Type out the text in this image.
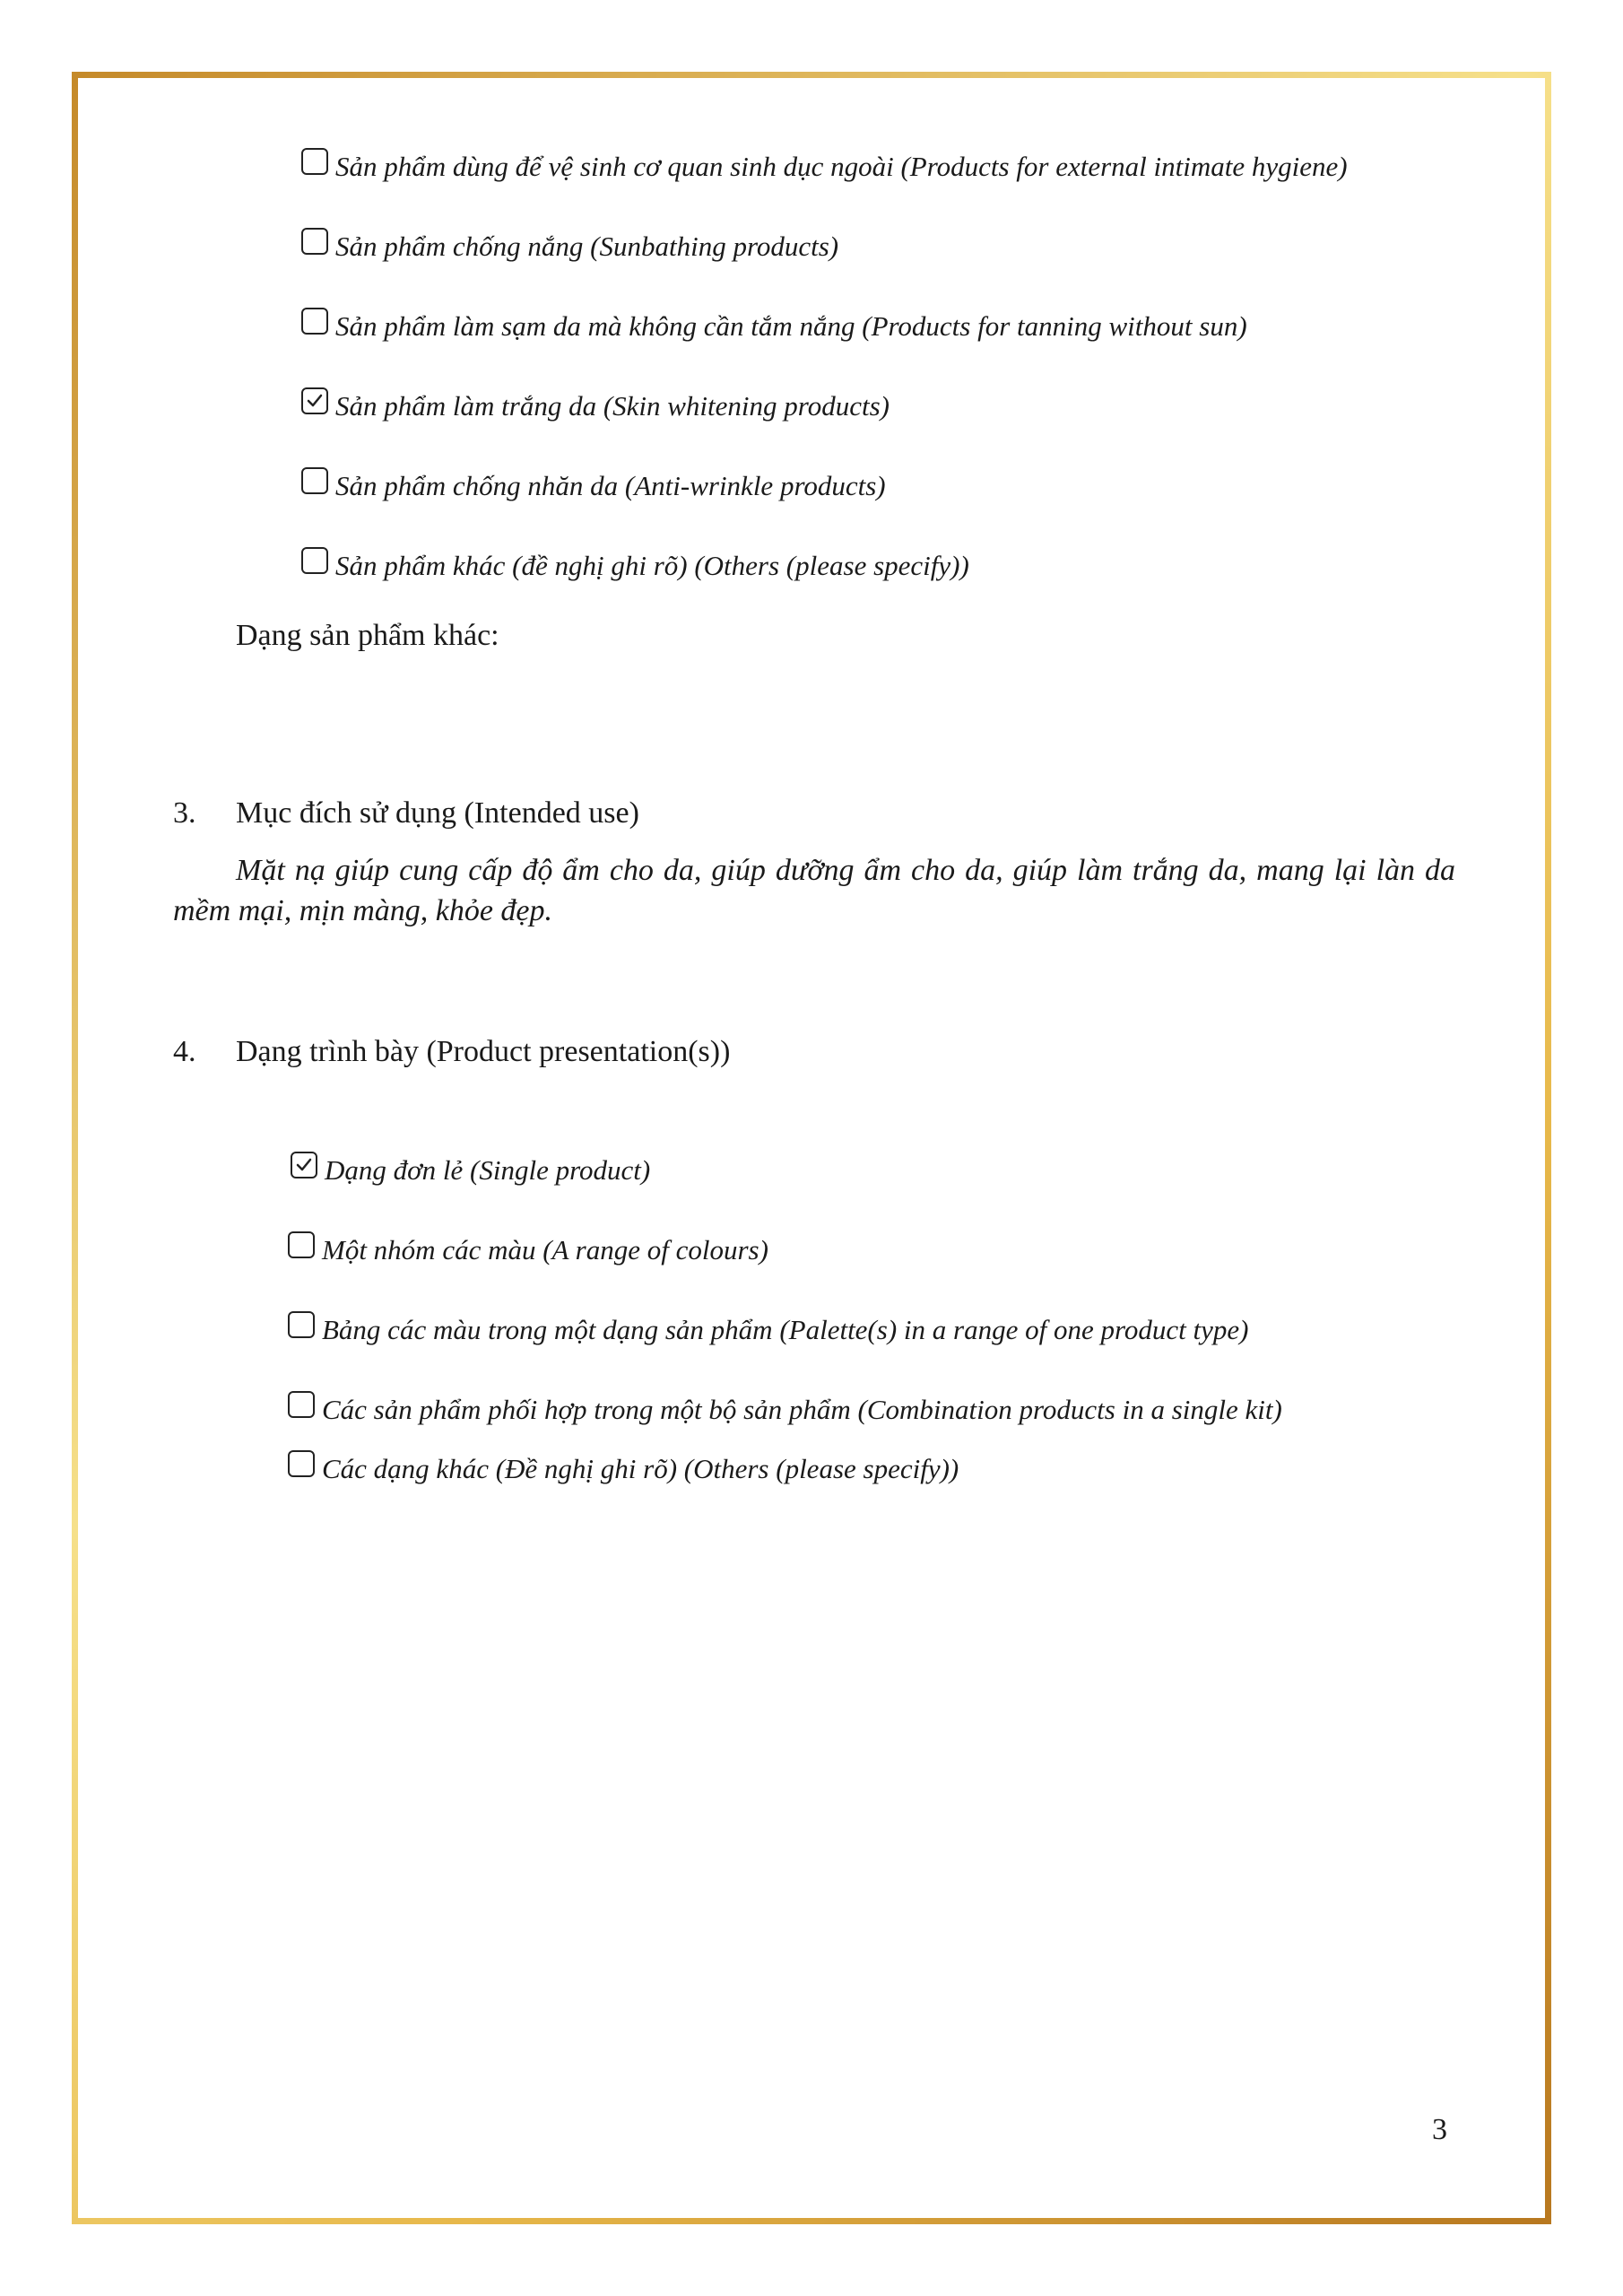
Sản phẩm dùng để vệ sinh cơ quan sinh dục ngoài (Products for external intimate hygiene)
Sản phẩm chống nắng (Sunbathing products)
Sản phẩm làm sạm da mà không cần tắm nắng (Products for tanning without sun)
Sản phẩm làm trắng da (Skin whitening products)
Sản phẩm chống nhăn da (Anti-wrinkle products)
Sản phẩm khác (đề nghị ghi rõ) (Others (please specify))
Dạng sản phẩm khác:
3. Mục đích sử dụng (Intended use)
Mặt nạ giúp cung cấp độ ẩm cho da, giúp dưỡng ẩm cho da, giúp làm trắng da, mang lại làn da mềm mại, mịn màng, khỏe đẹp.
4. Dạng trình bày (Product presentation(s))
Dạng đơn lẻ (Single product)
Một nhóm các màu (A range of colours)
Bảng các màu trong một dạng sản phẩm (Palette(s) in a range of one product type)
Các sản phẩm phối hợp trong một bộ sản phẩm (Combination products in a single kit)
Các dạng khác (Đề nghị ghi rõ) (Others (please specify))
3
